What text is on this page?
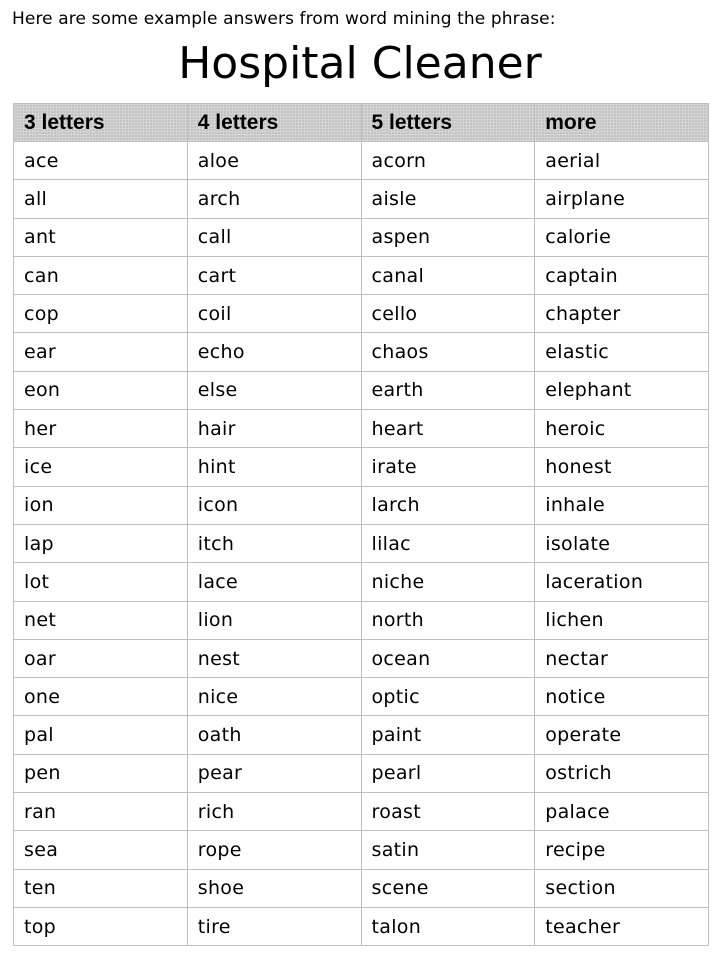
Here are some example answers from word mining the phrase:
Hospital Cleaner
3 letters	4 letters	5 letters	more
ace	aloe	acorn	aerial
all	arch	aisle	airplane
ant	call	aspen	calorie
can	cart	canal	captain
cop	coil	cello	chapter
ear	echo	chaos	elastic
eon	else	earth	elephant
her	hair	heart	heroic
ice	hint	irate	honest
ion	icon	larch	inhale
lap	itch	lilac	isolate
lot	lace	niche	laceration
net	lion	north	lichen
oar	nest	ocean	nectar
one	nice	optic	notice
pal	oath	paint	operate
pen	pear	pearl	ostrich
ran	rich	roast	palace
sea	rope	satin	recipe
ten	shoe	scene	section
top	tire	talon	teacher
